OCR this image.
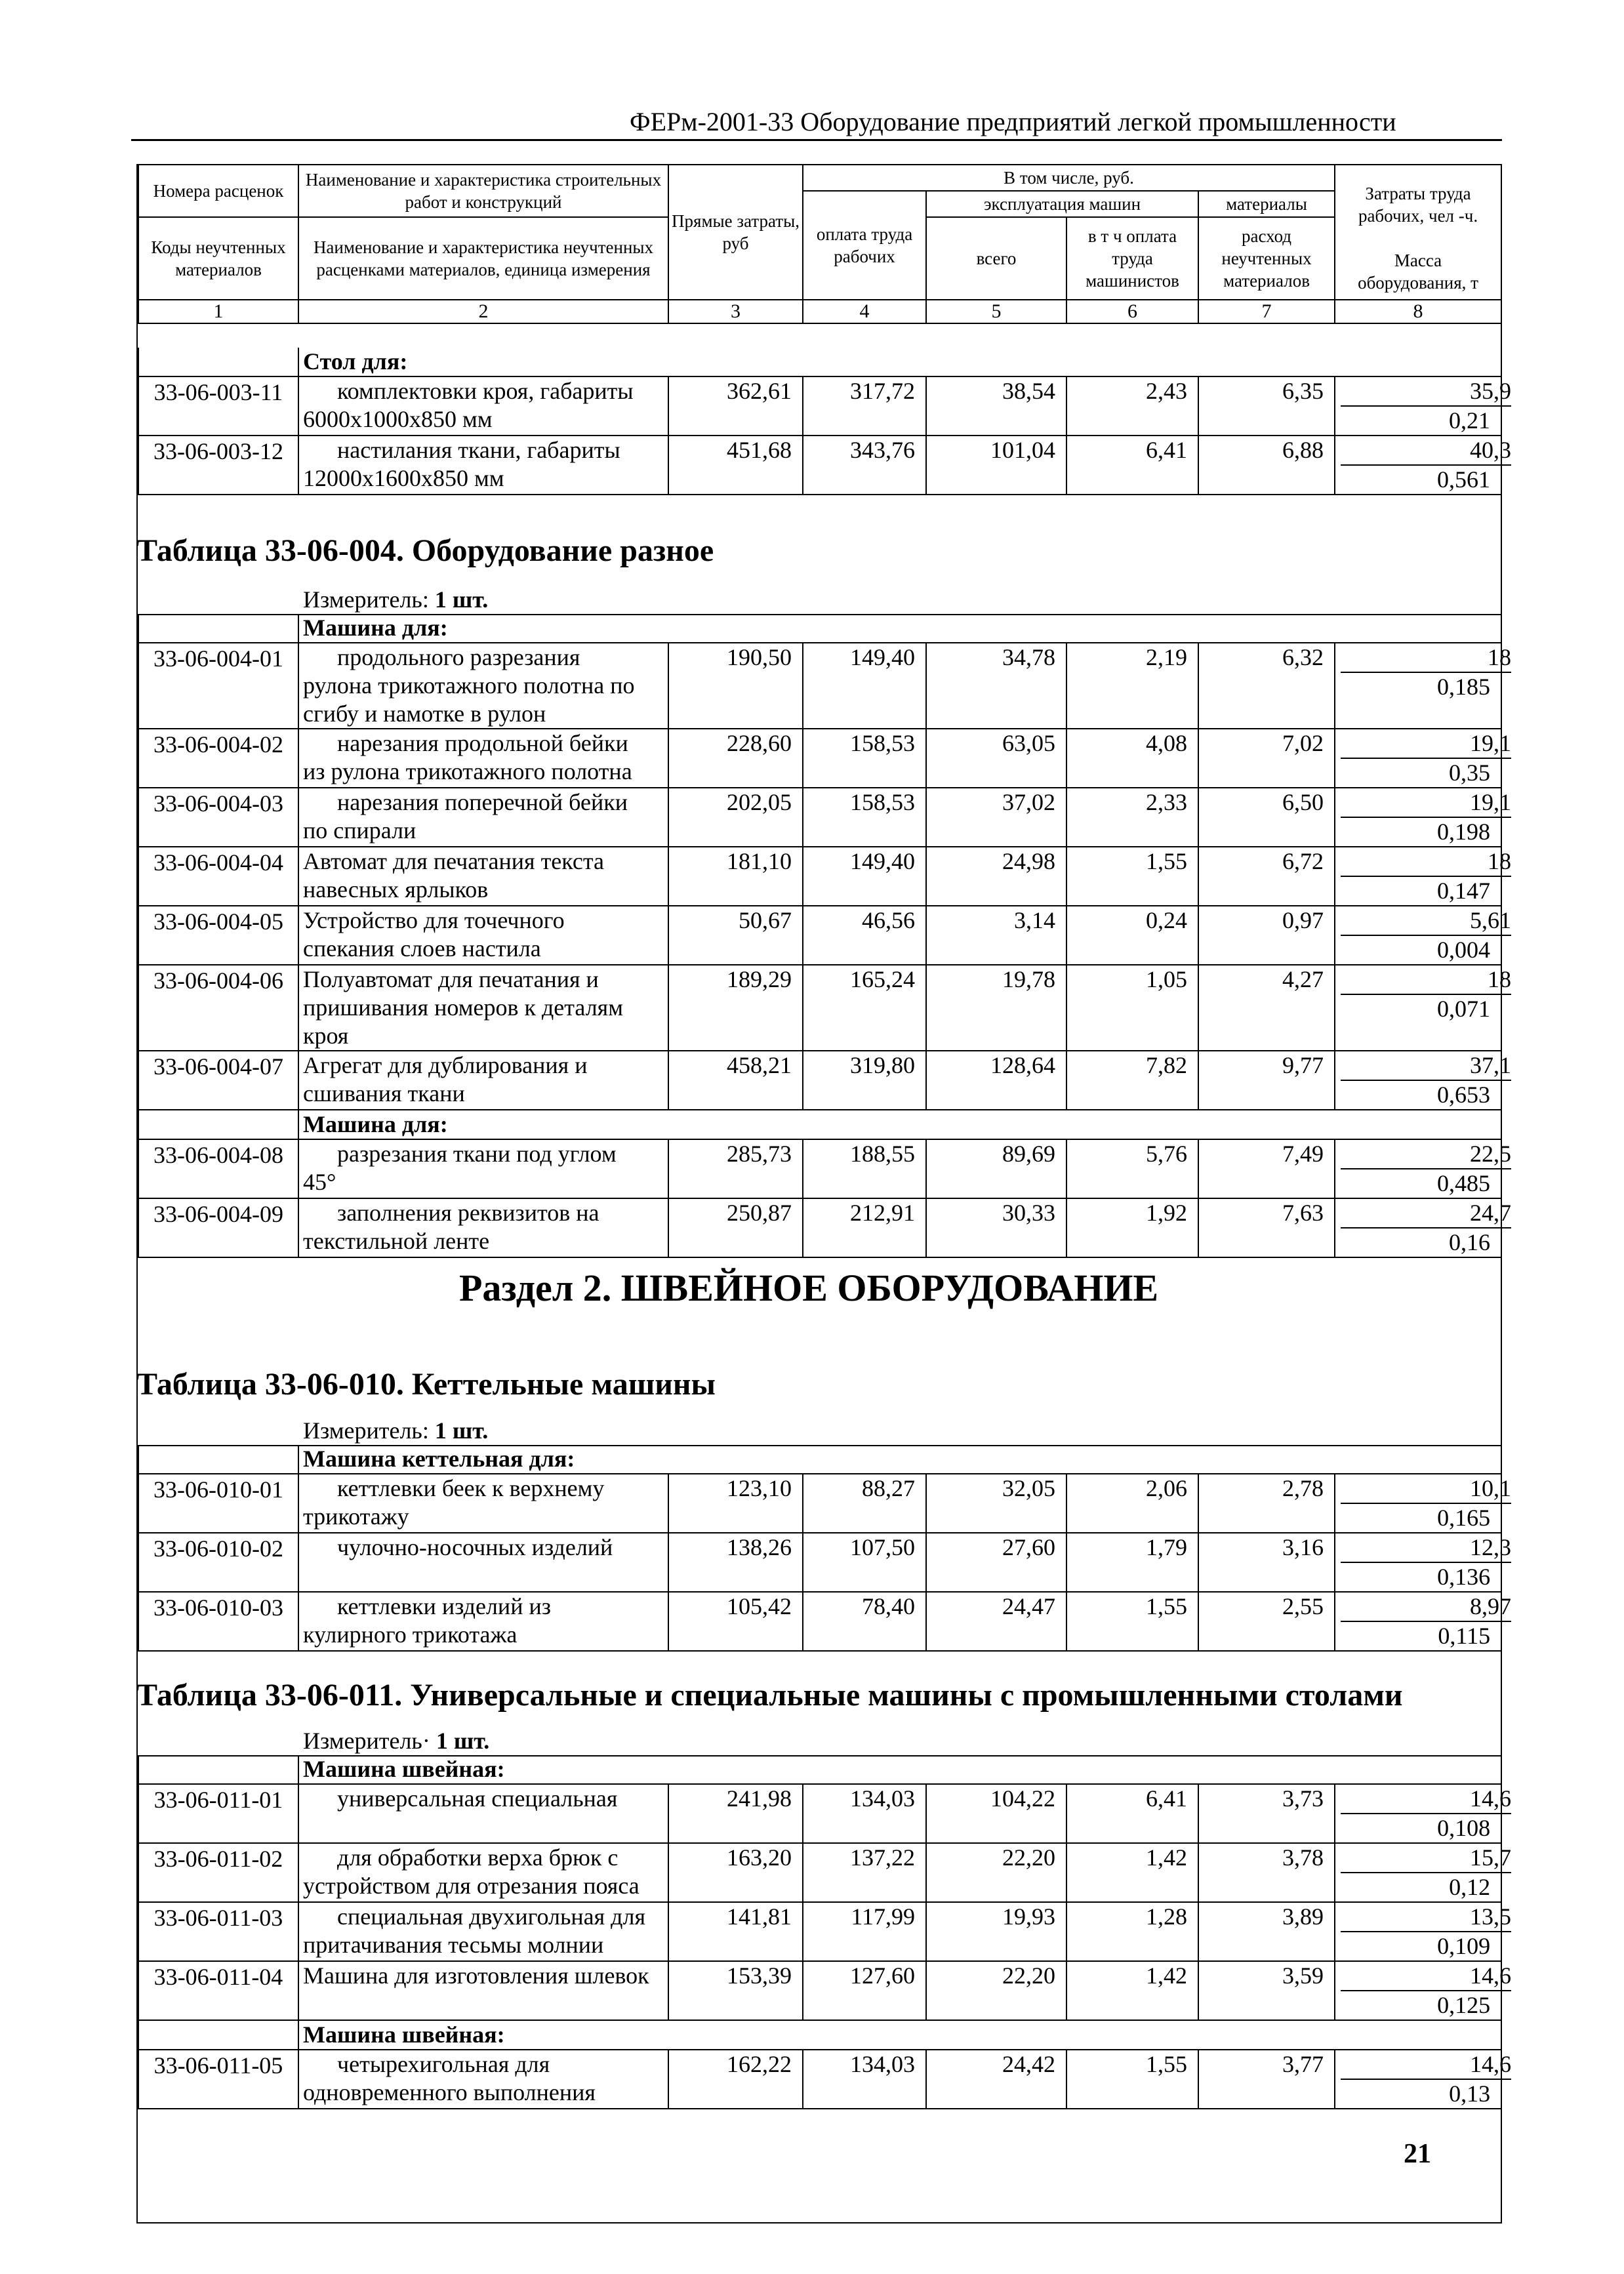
ФЕРм-2001-33 Оборудование предприятий легкой промышленности
Номера расценок	Наименование и характеристика строительных работ и конструкций	Прямые затраты, руб	В том числе, руб.				Затраты труда рабочих, чел -ч.
			оплата труда рабочих	эксплуатация машин		материалы	
Коды неучтенных материалов	Наименование и характеристика неучтенных расценками материалов, единица измерения			всего	в т ч оплата труда машинистов	расход неучтенных материалов	
							Масса оборудования, т
1	2	3	4	5	6	7	8
	Стол для:						
33-06-003-11	комплектовки кроя, габариты
6000х1000х850 мм	362,61	317,72	38,54	2,43	6,35	35,9
0,21

33-06-003-12	настилания ткани, габариты
12000х1600х850 мм	451,68	343,76	101,04	6,41	6,88	40,3
0,561
Таблица 33-06-004. Оборудование разное
Измеритель: 1 шт.
	Машина для:						
33-06-004-01	продольного разрезания
рулона трикотажного полотна по
сгибу и намотке в рулон	190,50	149,40	34,78	2,19	6,32	18
0,185

33-06-004-02	нарезания продольной бейки
из рулона трикотажного полотна	228,60	158,53	63,05	4,08	7,02	19,1
0,35

33-06-004-03	нарезания поперечной бейки
по спирали	202,05	158,53	37,02	2,33	6,50	19,1
0,198

33-06-004-04	Автомат для печатания текста
навесных ярлыков	181,10	149,40	24,98	1,55	6,72	18
0,147

33-06-004-05	Устройство для точечного
спекания слоев настила	50,67	46,56	3,14	0,24	0,97	5,61
0,004

33-06-004-06	Полуавтомат для печатания и
пришивания номеров к деталям
кроя	189,29	165,24	19,78	1,05	4,27	18
0,071

33-06-004-07	Агрегат для дублирования и
сшивания ткани	458,21	319,80	128,64	7,82	9,77	37,1
0,653

	Машина для:						
33-06-004-08	разрезания ткани под углом
45°	285,73	188,55	89,69	5,76	7,49	22,5
0,485

33-06-004-09	заполнения реквизитов на
текстильной ленте	250,87	212,91	30,33	1,92	7,63	24,7
0,16
Раздел 2. ШВЕЙНОЕ ОБОРУДОВАНИЕ
Таблица 33-06-010. Кеттельные машины
Измеритель: 1 шт.
	Машина кеттельная для:						
33-06-010-01	кеттлевки беек к верхнему
трикотажу	123,10	88,27	32,05	2,06	2,78	10,1
0,165

33-06-010-02	чулочно-носочных изделий	138,26	107,50	27,60	1,79	3,16	12,3
0,136

33-06-010-03	кеттлевки изделий из
кулирного трикотажа	105,42	78,40	24,47	1,55	2,55	8,97
0,115
Таблица 33-06-011. Универсальные и специальные машины с промышленными столами
Измеритель· 1 шт.
	Машина швейная:						
33-06-011-01	универсальная специальная	241,98	134,03	104,22	6,41	3,73	14,6
0,108

33-06-011-02	для обработки верха брюк с
устройством для отрезания пояса	163,20	137,22	22,20	1,42	3,78	15,7
0,12

33-06-011-03	специальная двухигольная для
притачивания тесьмы молнии	141,81	117,99	19,93	1,28	3,89	13,5
0,109

33-06-011-04	Машина для изготовления шлевок	153,39	127,60	22,20	1,42	3,59	14,6
0,125

	Машина швейная:						
33-06-011-05	четырехигольная для
одновременного выполнения	162,22	134,03	24,42	1,55	3,77	14,6
0,13
21
